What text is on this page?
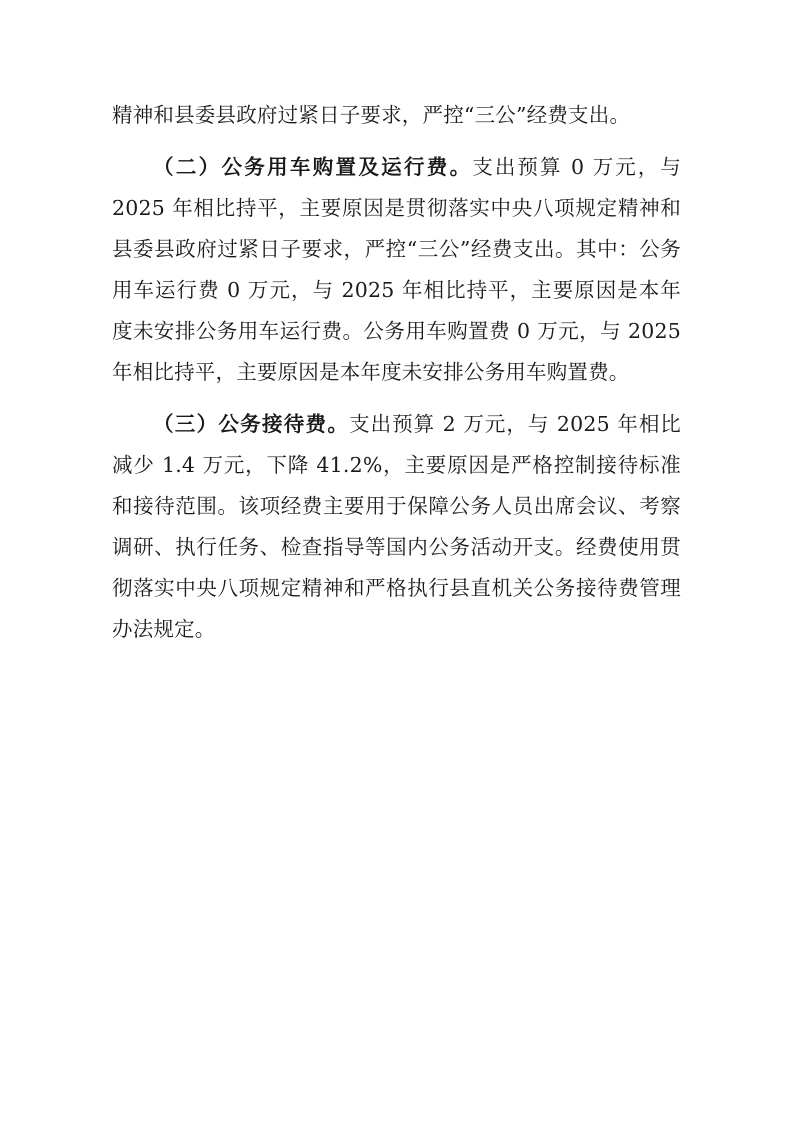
精神和县委县政府过紧日子要求，严控“三公”经费支出。

（二）公务用车购置及运行费。支出预算 0 万元，与 2025 年相比持平，主要原因是贯彻落实中央八项规定精神和县委县政府过紧日子要求，严控“三公”经费支出。其中：公务用车运行费 0 万元，与 2025 年相比持平，主要原因是本年度未安排公务用车运行费。公务用车购置费 0 万元，与 2025 年相比持平，主要原因是本年度未安排公务用车购置费。

（三）公务接待费。支出预算 2 万元，与 2025 年相比减少 1.4 万元，下降 41.2%，主要原因是严格控制接待标准和接待范围。该项经费主要用于保障公务人员出席会议、考察调研、执行任务、检查指导等国内公务活动开支。经费使用贯彻落实中央八项规定精神和严格执行县直机关公务接待费管理办法规定。
